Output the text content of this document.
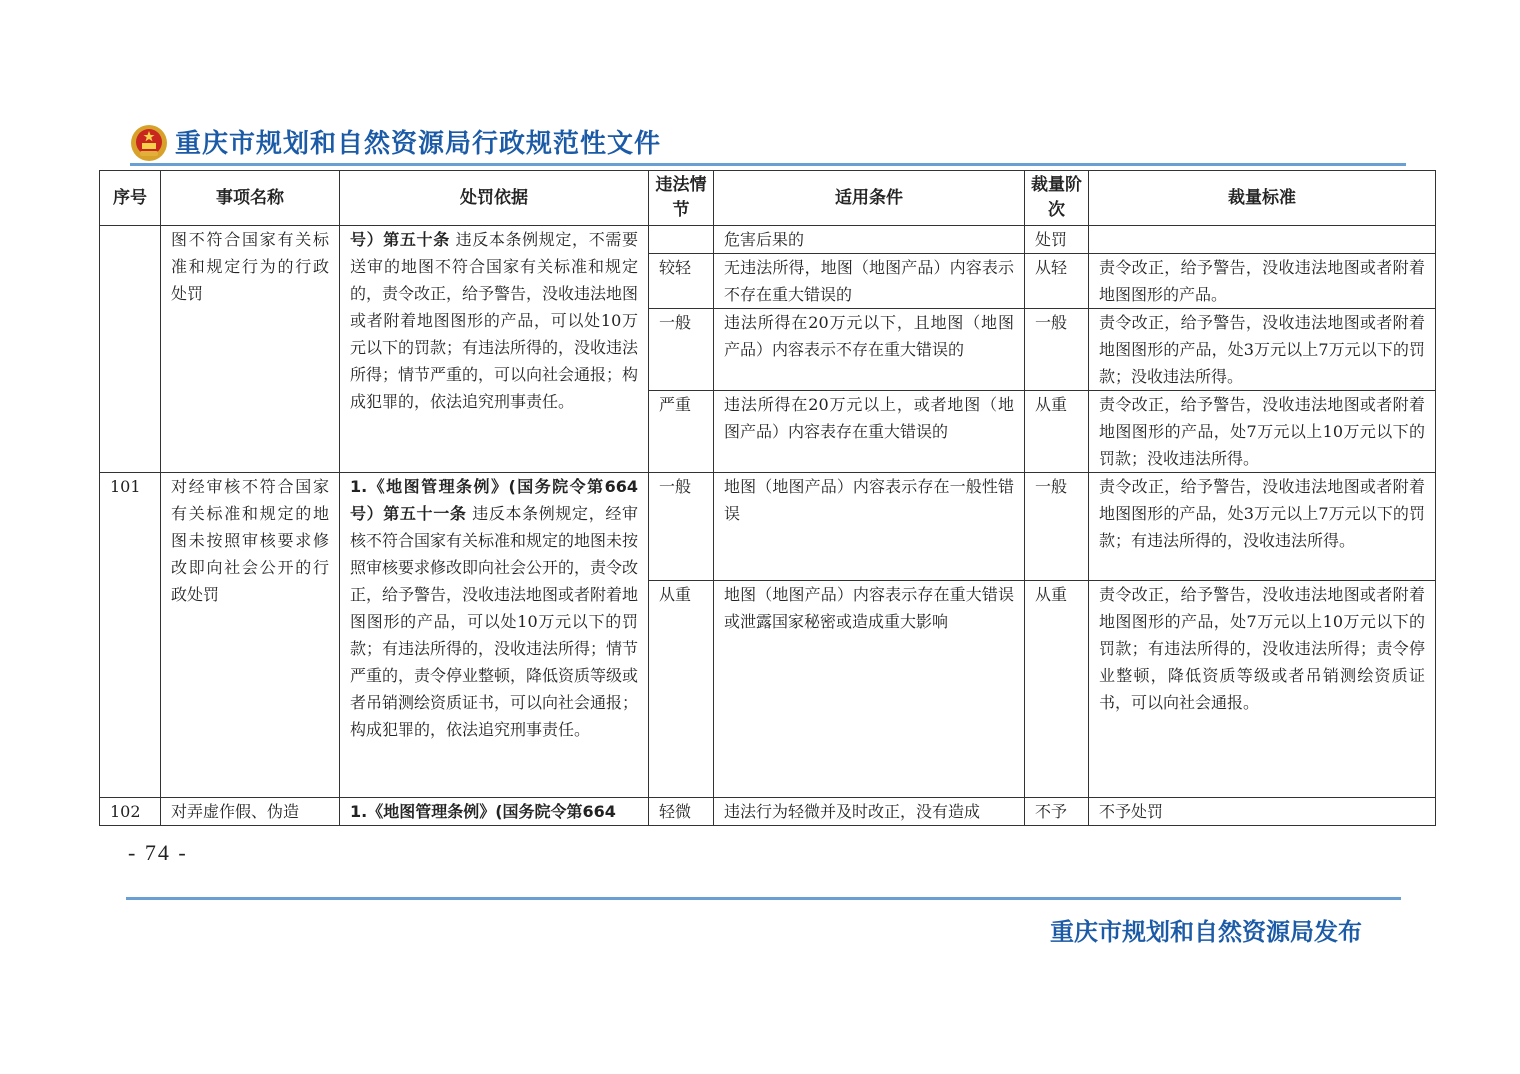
重庆市规划和自然资源局行政规范性文件
序号	事项名称	处罚依据	违法情节	适用条件	裁量阶次	裁量标准
	图不符合国家有关标准和规定行为的行政处罚	号）第五十条 违反本条例规定，不需要送审的地图不符合国家有关标准和规定的，责令改正，给予警告，没收违法地图或者附着地图图形的产品，可以处10万元以下的罚款；有违法所得的，没收违法所得；情节严重的，可以向社会通报；构成犯罪的，依法追究刑事责任。		危害后果的	处罚	
			较轻	无违法所得，地图（地图产品）内容表示不存在重大错误的	从轻	责令改正，给予警告，没收违法地图或者附着地图图形的产品。
			一般	违法所得在20万元以下，且地图（地图产品）内容表示不存在重大错误的	一般	责令改正，给予警告，没收违法地图或者附着地图图形的产品，处3万元以上7万元以下的罚款；没收违法所得。
			严重	违法所得在20万元以上，或者地图（地图产品）内容表存在重大错误的	从重	责令改正，给予警告，没收违法地图或者附着地图图形的产品，处7万元以上10万元以下的罚款；没收违法所得。
101	对经审核不符合国家有关标准和规定的地图未按照审核要求修改即向社会公开的行政处罚	1.《地图管理条例》(国务院令第664号）第五十一条 违反本条例规定，经审核不符合国家有关标准和规定的地图未按照审核要求修改即向社会公开的，责令改正，给予警告，没收违法地图或者附着地图图形的产品，可以处10万元以下的罚款；有违法所得的，没收违法所得；情节严重的，责令停业整顿，降低资质等级或者吊销测绘资质证书，可以向社会通报；构成犯罪的，依法追究刑事责任。	一般	地图（地图产品）内容表示存在一般性错误	一般	责令改正，给予警告，没收违法地图或者附着地图图形的产品，处3万元以上7万元以下的罚款；有违法所得的，没收违法所得。
			从重	地图（地图产品）内容表示存在重大错误或泄露国家秘密或造成重大影响	从重	责令改正，给予警告，没收违法地图或者附着地图图形的产品，处7万元以上10万元以下的罚款；有违法所得的，没收违法所得；责令停业整顿，降低资质等级或者吊销测绘资质证书，可以向社会通报。
102	对弄虚作假、伪造	1.《地图管理条例》(国务院令第664	轻微	违法行为轻微并及时改正，没有造成	不予	不予处罚
- 74 -
重庆市规划和自然资源局发布
